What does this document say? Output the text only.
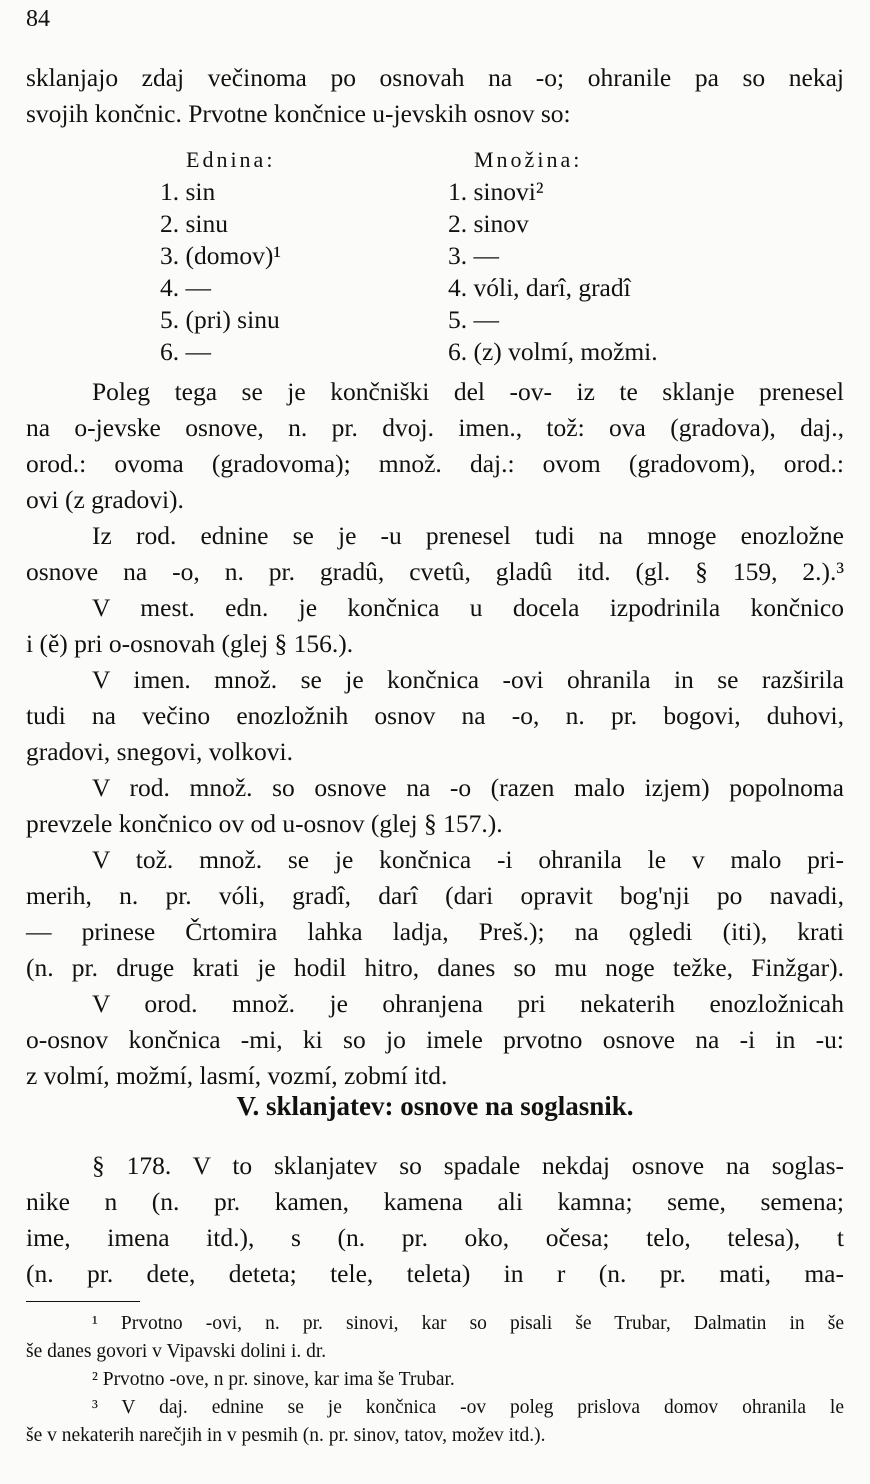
84
sklanjajo zdaj večinoma po osnovah na -o; ohranile pa so nekaj
svojih končnic. Prvotne končnice u-jevskih osnov so:
Ednina:
1. sin
2. sinu
3. (domov)¹
4. —
5. (pri) sinu
6. —
Množina:
1. sinovi²
2. sinov
3. —
4. vóli, darî, gradî
5. —
6. (z) volmí, možmi.
Poleg tega se je končniški del -ov- iz te sklanje prenesel
na o-jevske osnove, n. pr. dvoj. imen., tož: ova (gradova), daj.,
orod.: ovoma (gradovoma); množ. daj.: ovom (gradovom), orod.:
ovi (z gradovi).
Iz rod. ednine se je -u prenesel tudi na mnoge enozložne
osnove na -o, n. pr. gradû, cvetû, gladû itd. (gl. § 159, 2.).³
V mest. edn. je končnica u docela izpodrinila končnico
i (ě) pri o-osnovah (glej § 156.).
V imen. množ. se je končnica -ovi ohranila in se razširila
tudi na večino enozložnih osnov na -o, n. pr. bogovi, duhovi,
gradovi, snegovi, volkovi.
V rod. množ. so osnove na -o (razen malo izjem) popolnoma
prevzele končnico ov od u-osnov (glej § 157.).
V tož. množ. se je končnica -i ohranila le v malo pri-
merih, n. pr. vóli, gradî, darî (dari opravit bog'nji po navadi,
— prinese Črtomira lahka ladja, Preš.); na ǫgledi (iti), krati
(n. pr. druge krati je hodil hitro, danes so mu noge težke, Finžgar).
V orod. množ. je ohranjena pri nekaterih enozložnicah
o-osnov končnica -mi, ki so jo imele prvotno osnove na -i in -u:
z volmí, možmí, lasmí, vozmí, zobmí itd.
V. sklanjatev: osnove na soglasnik.
§ 178. V to sklanjatev so spadale nekdaj osnove na soglas-
nike n (n. pr. kamen, kamena ali kamna; seme, semena;
ime, imena itd.), s (n. pr. oko, očesa; telo, telesa), t
(n. pr. dete, deteta; tele, teleta) in r (n. pr. mati, ma-
¹ Prvotno -ovi, n. pr. sinovi, kar so pisali še Trubar, Dalmatin in še
še danes govori v Vipavski dolini i. dr.
² Prvotno -ove, n pr. sinove, kar ima še Trubar.
³ V daj. ednine se je končnica -ov poleg prislova domov ohranila le
še v nekaterih narečjih in v pesmih (n. pr. sinov, tatov, možev itd.).
